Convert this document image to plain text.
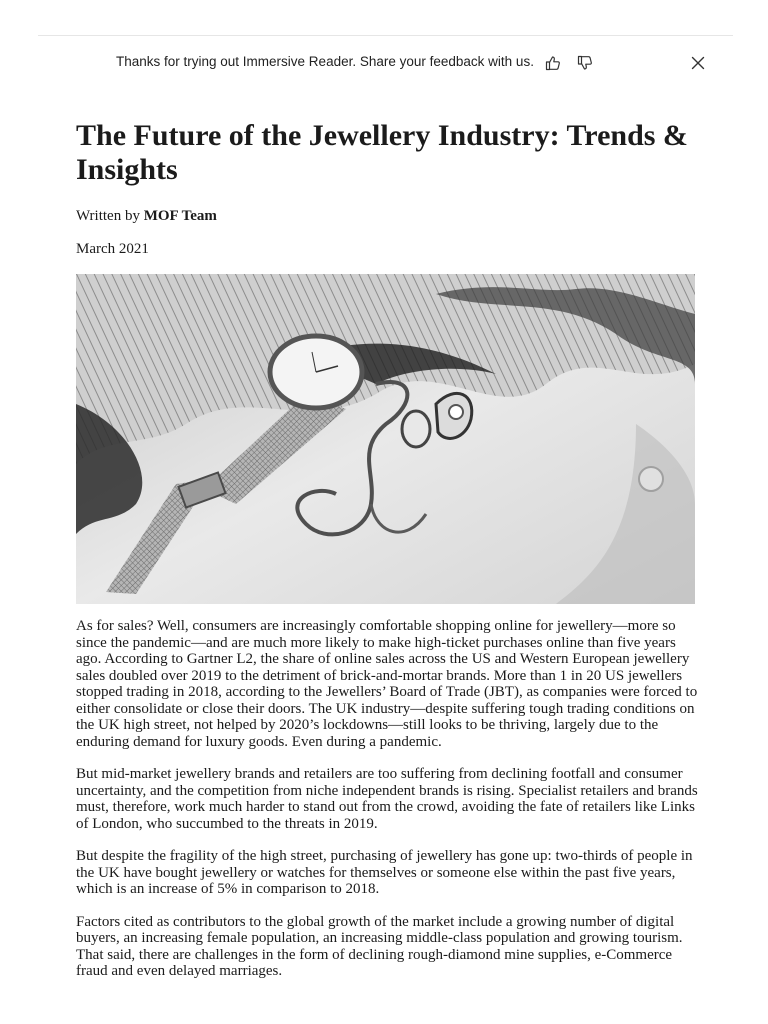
Thanks for trying out Immersive Reader. Share your feedback with us.
The Future of the Jewellery Industry: Trends & Insights

Written by MOF Team

March 2021

As for sales? Well, consumers are increasingly comfortable shopping online for jewellery—more so since the pandemic—and are much more likely to make high-ticket purchases online than five years ago. According to Gartner L2, the share of online sales across the US and Western European jewellery sales doubled over 2019 to the detriment of brick-and-mortar brands. More than 1 in 20 US jewellers stopped trading in 2018, according to the Jewellers’ Board of Trade (JBT), as companies were forced to either consolidate or close their doors. The UK industry—despite suffering tough trading conditions on the UK high street, not helped by 2020’s lockdowns—still looks to be thriving, largely due to the enduring demand for luxury goods. Even during a pandemic.

But mid-market jewellery brands and retailers are too suffering from declining footfall and consumer uncertainty, and the competition from niche independent brands is rising. Specialist retailers and brands must, therefore, work much harder to stand out from the crowd, avoiding the fate of retailers like Links of London, who succumbed to the threats in 2019.

But despite the fragility of the high street, purchasing of jewellery has gone up: two-thirds of people in the UK have bought jewellery or watches for themselves or someone else within the past five years, which is an increase of 5% in comparison to 2018.

Factors cited as contributors to the global growth of the market include a growing number of digital buyers, an increasing female population, an increasing middle-class population and growing tourism. That said, there are challenges in the form of declining rough-diamond mine supplies, e-Commerce fraud and even delayed marriages.
